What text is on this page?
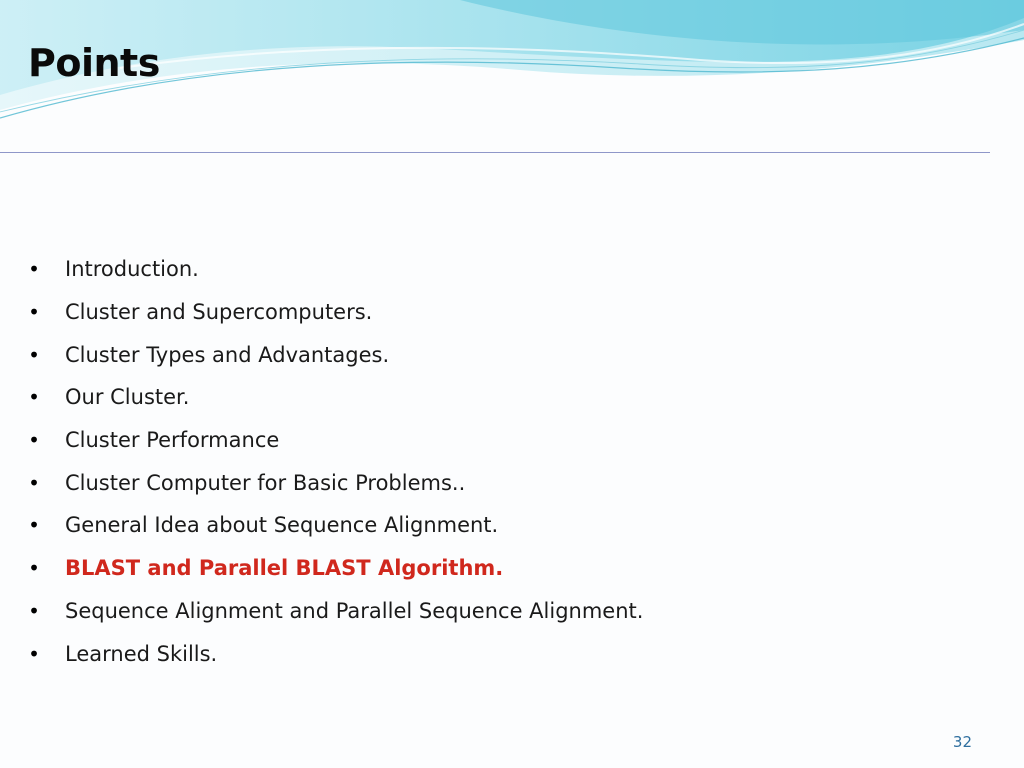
Points
• Introduction.
• Cluster and Supercomputers.
• Cluster Types and Advantages.
• Our Cluster.
• Cluster Performance
• Cluster Computer for Basic Problems..
• General Idea about Sequence Alignment.
• BLAST and Parallel BLAST Algorithm.
• Sequence Alignment and Parallel Sequence Alignment.
• Learned Skills.
32
